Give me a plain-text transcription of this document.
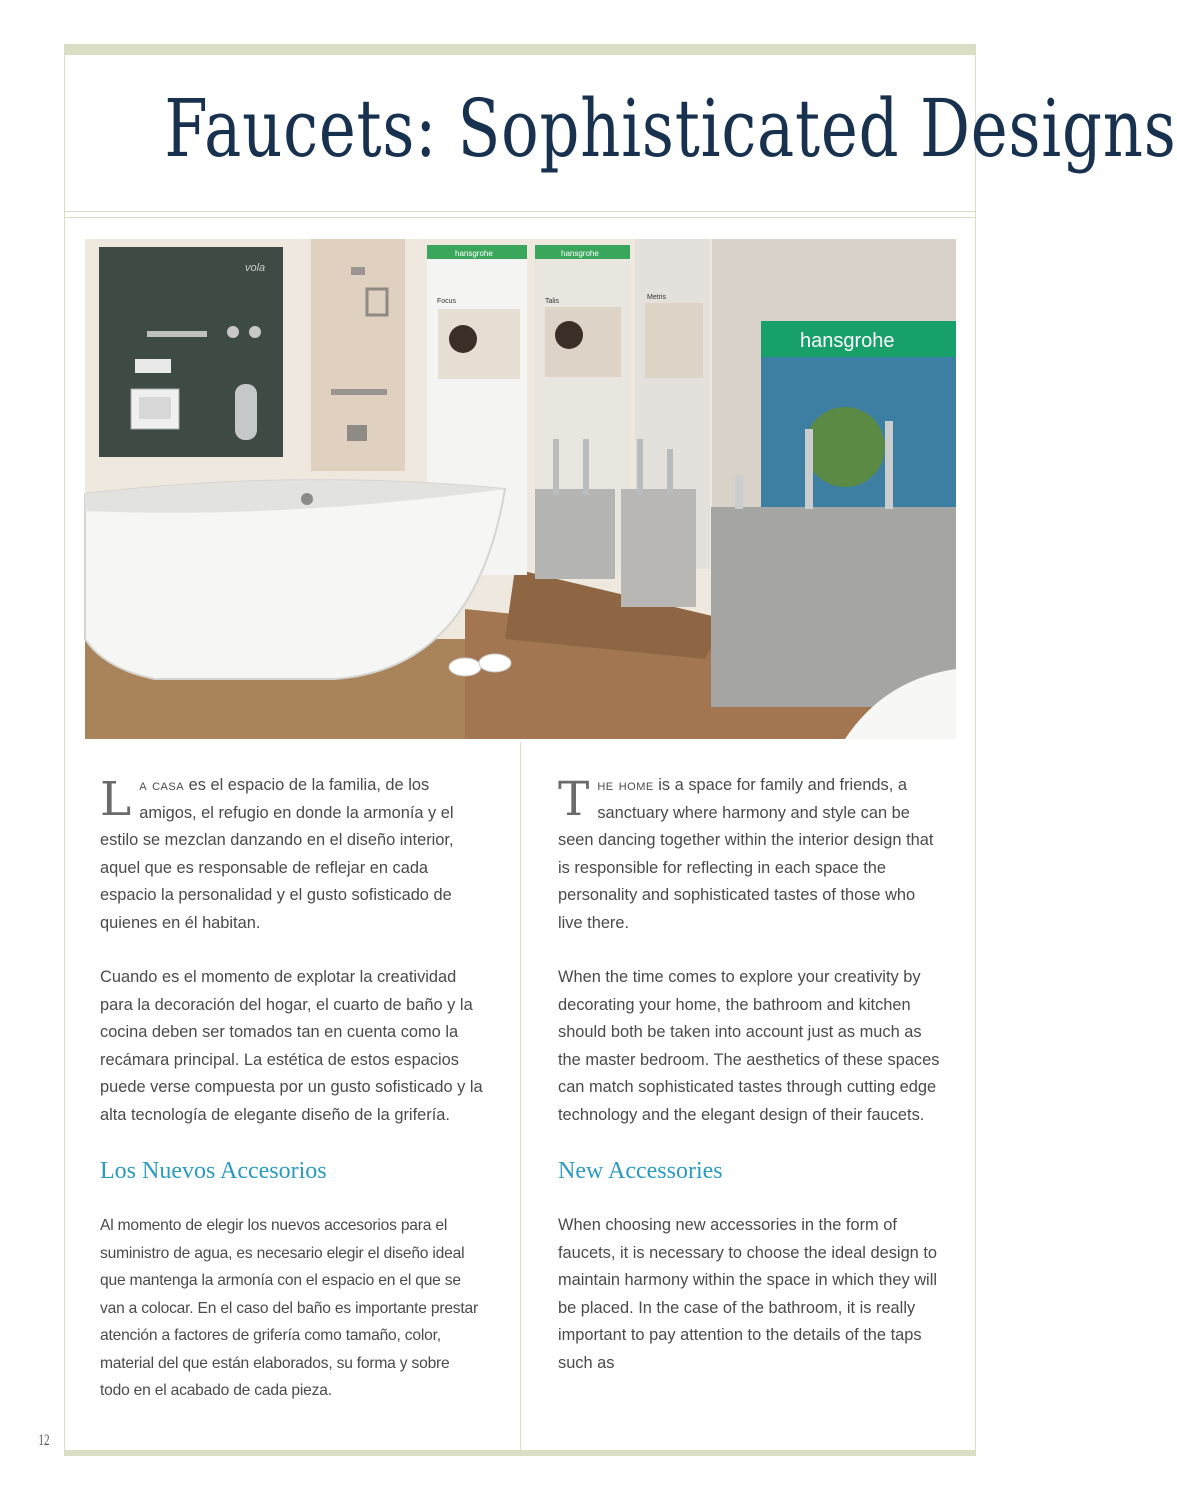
Faucets: Sophisticated Designs
vola
hansgrohe
Focus
hansgrohe
Talis
Metris
hansgrohe

La casa es el espacio de la familia, de los amigos, el refugio en donde la armonía y el estilo se mezclan danzando en el diseño interior, aquel que es responsable de reflejar en cada espacio la personalidad y el gusto sofisticado de quienes en él habitan.

Cuando es el momento de explotar la creatividad para la decoración del hogar, el cuarto de baño y la cocina deben ser tomados tan en cuenta como la recámara principal. La estética de estos espacios puede verse compuesta por un gusto sofisticado y la alta tecnología de elegante diseño de la grifería.

Los Nuevos Accesorios

Al momento de elegir los nuevos accesorios para el suministro de agua, es necesario elegir el diseño ideal que mantenga la armonía con el espacio en el que se van a colocar. En el caso del baño es importante prestar atención a factores de grifería como tamaño, color, material del que están elaborados, su forma y sobre todo en el acabado de cada pieza.

The home is a space for family and friends, a sanctuary where harmony and style can be seen dancing together within the interior design that is responsible for reflecting in each space the personality and sophisticated tastes of those who live there.

When the time comes to explore your creativity by decorating your home, the bathroom and kitchen should both be taken into account just as much as the master bedroom. The aesthetics of these spaces can match sophisticated tastes through cutting edge technology and the elegant design of their faucets.

New Accessories

When choosing new accessories in the form of faucets, it is necessary to choose the ideal design to maintain harmony within the space in which they will be placed. In the case of the bathroom, it is really important to pay attention to the details of the taps such as

12
